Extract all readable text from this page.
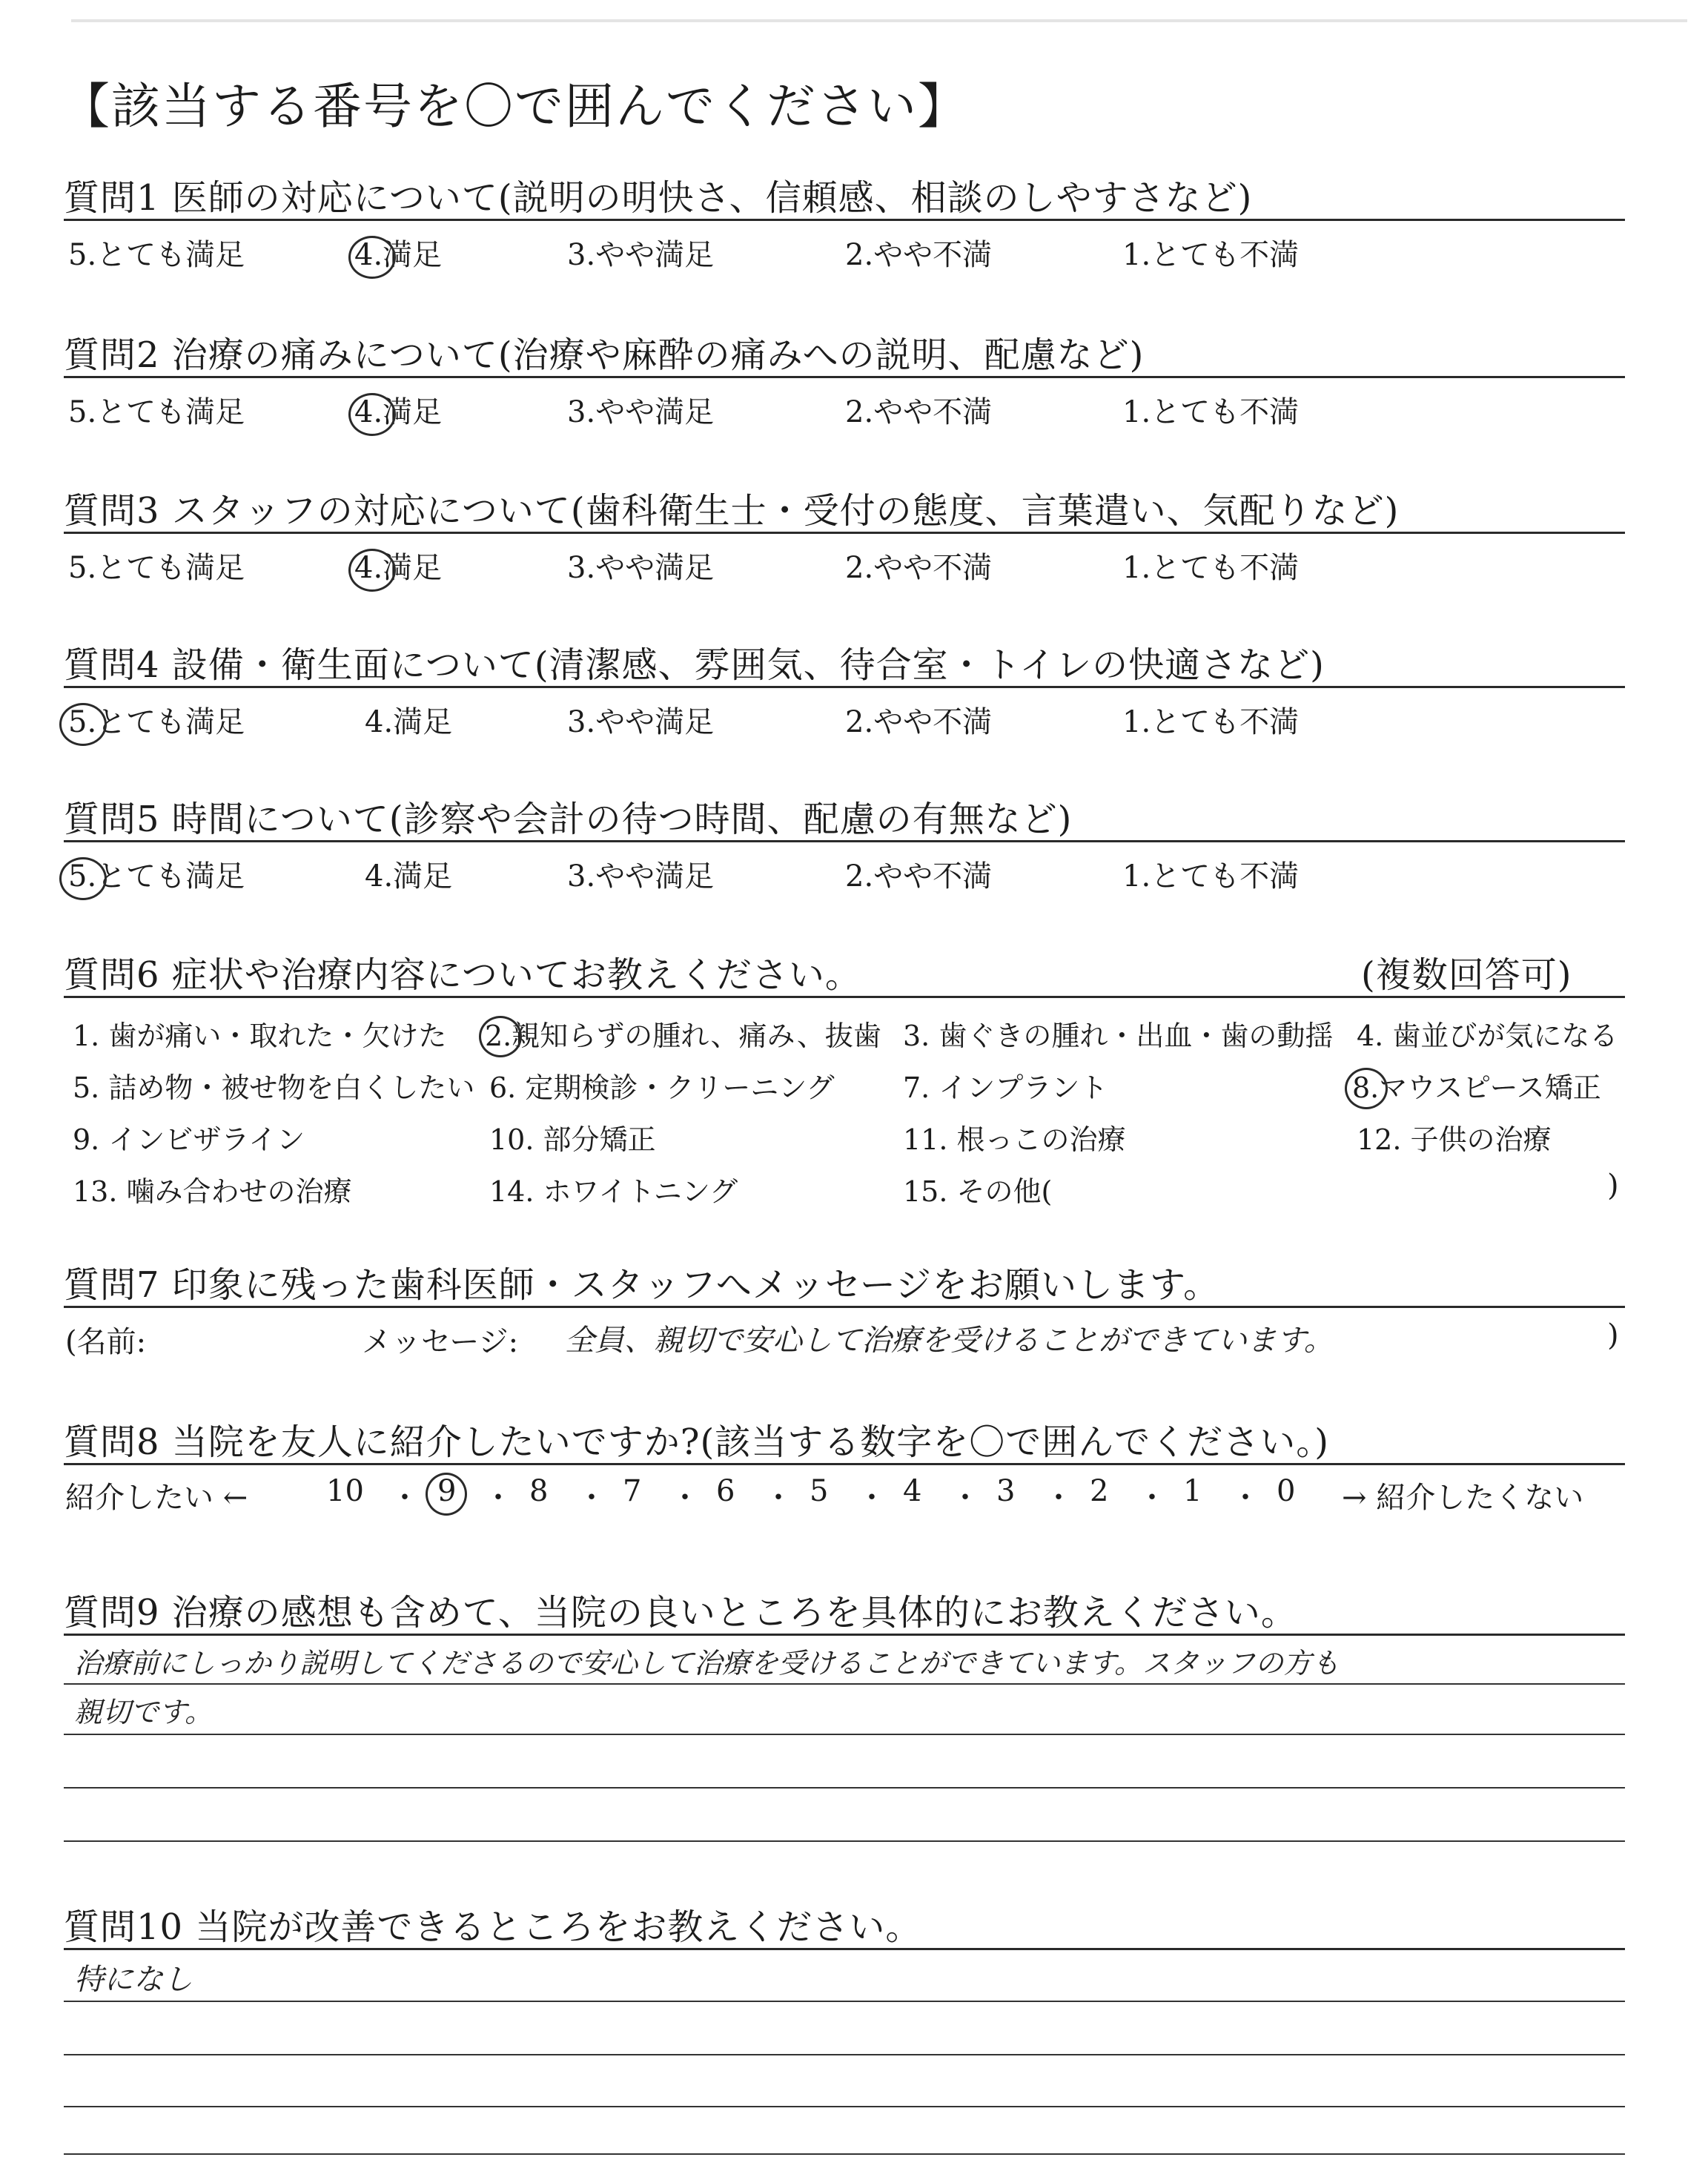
【該当する番号を〇で囲んでください】
質問1 医師の対応について(説明の明快さ、信頼感、相談のしやすさなど)
5.とても満足	4.満足	3.やや満足	2.やや不満	1.とても不満
質問2 治療の痛みについて(治療や麻酔の痛みへの説明、配慮など)
5.とても満足	4.満足	3.やや満足	2.やや不満	1.とても不満
質問3 スタッフの対応について(歯科衛生士・受付の態度、言葉遣い、気配りなど)
5.とても満足	4.満足	3.やや満足	2.やや不満	1.とても不満
質問4 設備・衛生面について(清潔感、雰囲気、待合室・トイレの快適さなど)
5.とても満足	4.満足	3.やや満足	2.やや不満	1.とても不満
質問5 時間について(診察や会計の待つ時間、配慮の有無など)
5.とても満足	4.満足	3.やや満足	2.やや不満	1.とても不満
質問6 症状や治療内容についてお教えください。	(複数回答可)
1. 歯が痛い・取れた・欠けた 2.親知らずの腫れ、痛み、抜歯 3. 歯ぐきの腫れ・出血・歯の動揺 4. 歯並びが気になる
5. 詰め物・被せ物を白くしたい 6. 定期検診・クリーニング 7. インプラント	8.マウスピース矯正
9. インビザライン	10. 部分矯正	11. 根っこの治療	12. 子供の治療
13. 噛み合わせの治療	14. ホワイトニング	15. その他(	)
質問7 印象に残った歯科医師・スタッフへメッセージをお願いします。
(名前:	メッセージ: 全員、親切で安心して治療を受けることができています。	)
質問8 当院を友人に紹介したいですか?(該当する数字を〇で囲んでください。)
紹介したい ←	10 ・ 9 ・ 8 ・ 7 ・ 6 ・ 5 ・ 4 ・ 3 ・ 2 ・ 1 ・ 0 → 紹介したくない
質問9 治療の感想も含めて、当院の良いところを具体的にお教えください。
治療前にしっかり説明してくださるので安心して治療を受けることができています。スタッフの方も
親切です。
質問10 当院が改善できるところをお教えください。
特になし
